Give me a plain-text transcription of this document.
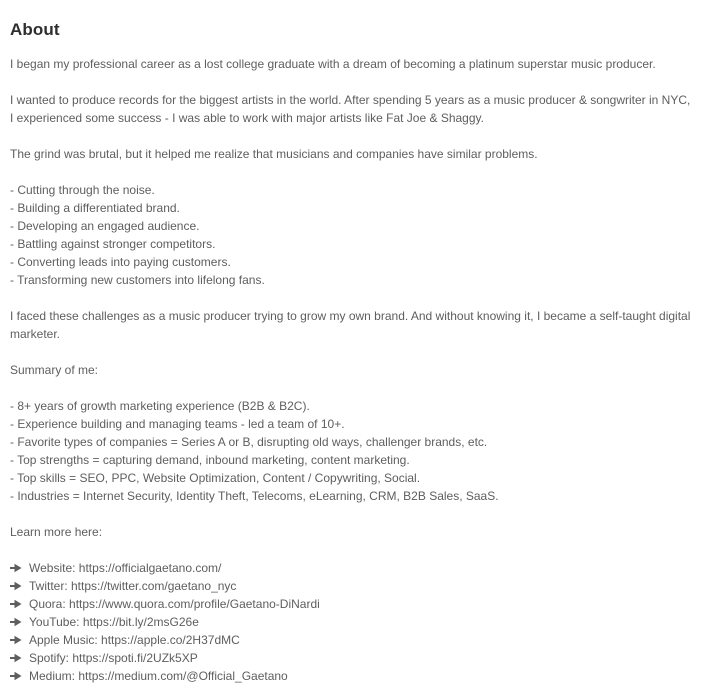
About

I began my professional career as a lost college graduate with a dream of becoming a platinum superstar music producer.

I wanted to produce records for the biggest artists in the world. After spending 5 years as a music producer & songwriter in NYC, I experienced some success - I was able to work with major artists like Fat Joe & Shaggy.

The grind was brutal, but it helped me realize that musicians and companies have similar problems.

- Cutting through the noise.
- Building a differentiated brand.
- Developing an engaged audience.
- Battling against stronger competitors.
- Converting leads into paying customers.
- Transforming new customers into lifelong fans.

I faced these challenges as a music producer trying to grow my own brand. And without knowing it, I became a self-taught digital marketer.

Summary of me:

- 8+ years of growth marketing experience (B2B & B2C).
- Experience building and managing teams - led a team of 10+.
- Favorite types of companies = Series A or B, disrupting old ways, challenger brands, etc.
- Top strengths = capturing demand, inbound marketing, content marketing.
- Top skills = SEO, PPC, Website Optimization, Content / Copywriting, Social.
- Industries = Internet Security, Identity Theft, Telecoms, eLearning, CRM, B2B Sales, SaaS.

Learn more here:

Website: https://officialgaetano.com/
Twitter: https://twitter.com/gaetano_nyc
Quora: https://www.quora.com/profile/Gaetano-DiNardi
YouTube: https://bit.ly/2msG26e
Apple Music: https://apple.co/2H37dMC
Spotify: https://spoti.fi/2UZk5XP
Medium: https://medium.com/@Official_Gaetano
